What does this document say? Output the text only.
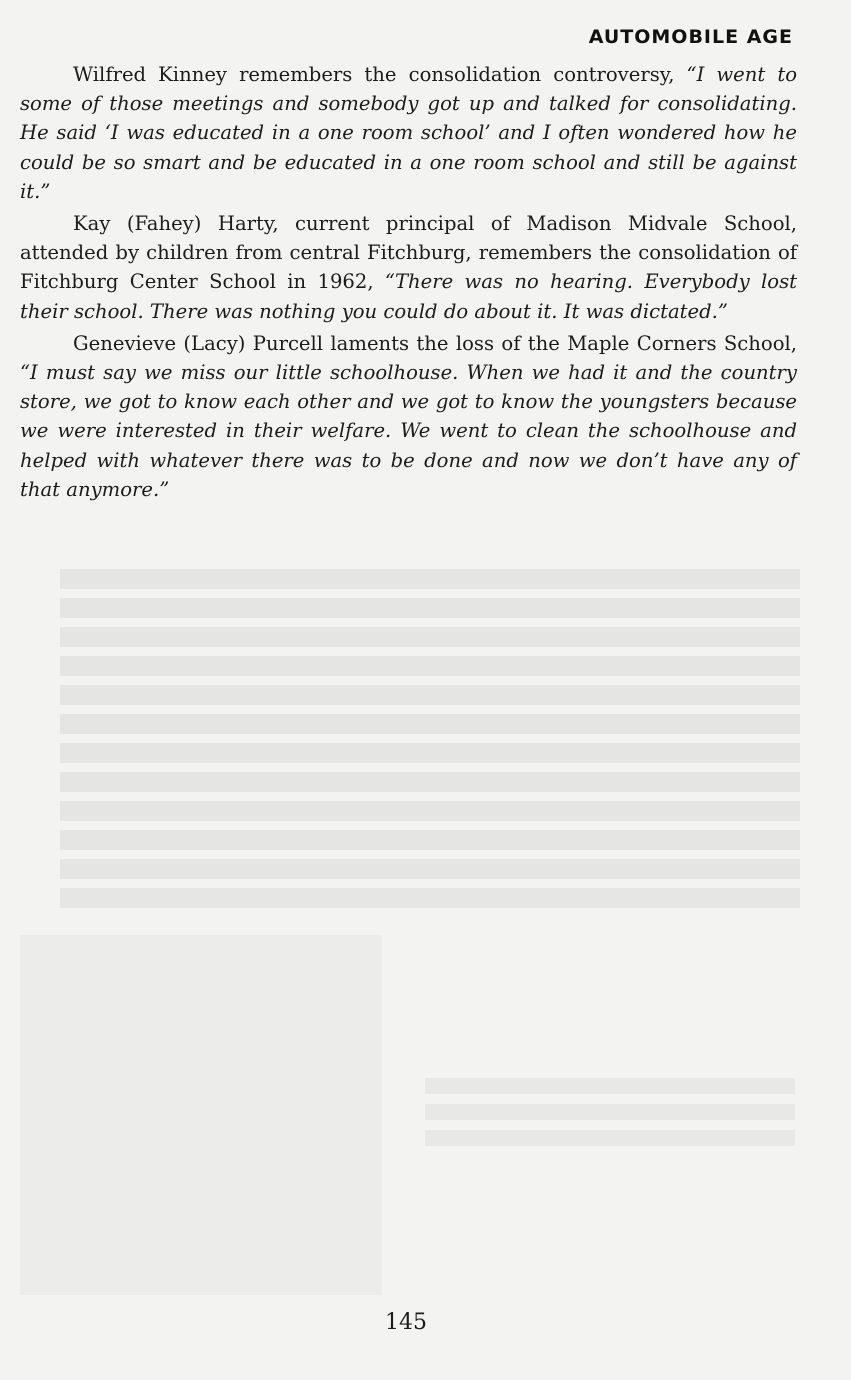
AUTOMOBILE AGE

Wilfred Kinney remembers the consolidation controversy, “I went to some of those meetings and somebody got up and talked for consolidating. He said ‘I was educated in a one room school’ and I often wondered how he could be so smart and be educated in a one room school and still be against it.”

Kay (Fahey) Harty, current principal of Madison Midvale School, attended by children from central Fitchburg, remembers the consolidation of Fitchburg Center School in 1962, “There was no hearing. Everybody lost their school. There was nothing you could do about it. It was dictated.”

Genevieve (Lacy) Purcell laments the loss of the Maple Corners School, “I must say we miss our little schoolhouse. When we had it and the country store, we got to know each other and we got to know the youngsters because we were interested in their welfare. We went to clean the schoolhouse and helped with whatever there was to be done and now we don’t have any of that anymore.”

145
